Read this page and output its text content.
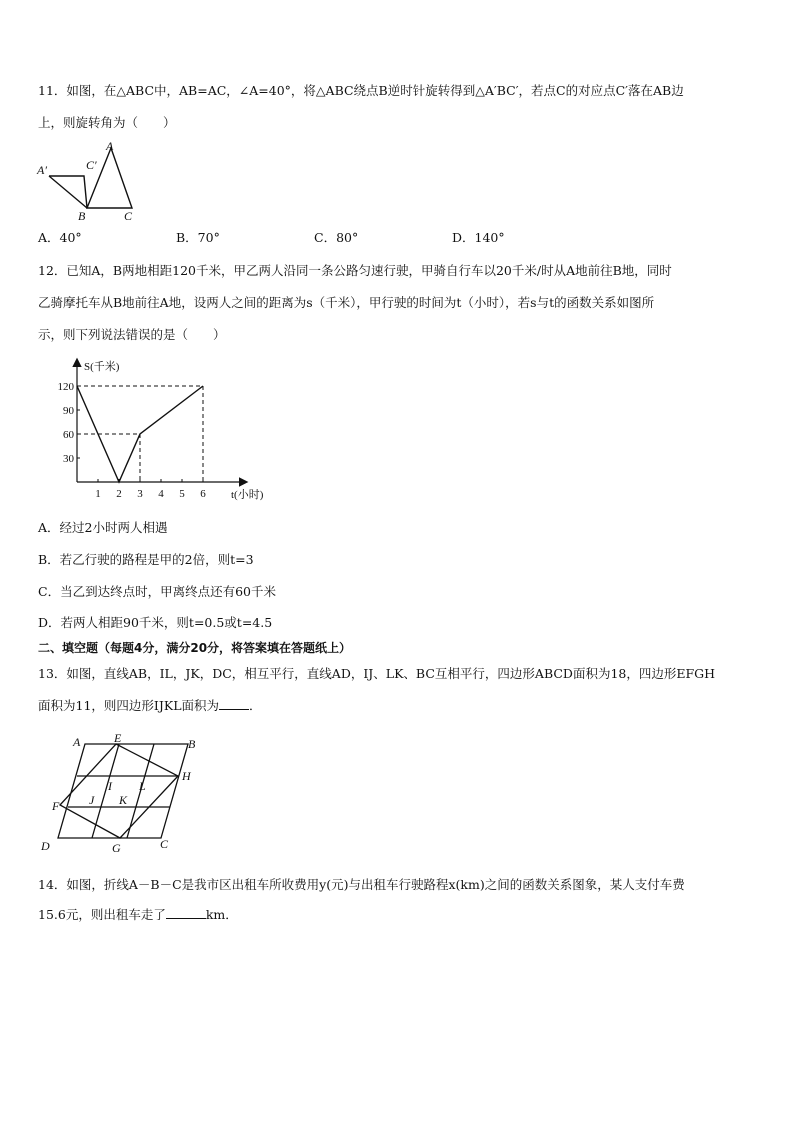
11．如图，在△ABC中，AB=AC，∠A=40°，将△ABC绕点B逆时针旋转得到△A′BC′，若点C的对应点C′落在AB边
上，则旋转角为（　　）
A′	C′
A
B	C
A．40°	B．70°	C．80°	D．140°
12．已知A，B两地相距120千米，甲乙两人沿同一条公路匀速行驶，甲骑自行车以20千米/时从A地前往B地，同时
乙骑摩托车从B地前往A地，设两人之间的距离为s（千米），甲行驶的时间为t（小时），若s与t的函数关系如图所
示，则下列说法错误的是（　　）
S(千米)
t(小时)
30
60
90
120
1 2 3 4 5 6
A．经过2小时两人相遇
B．若乙行驶的路程是甲的2倍，则t=3
C．当乙到达终点时，甲离终点还有60千米
D．若两人相距90千米，则t=0.5或t=4.5
二、填空题（每题4分，满分20分，将答案填在答题纸上）
13．如图，直线AB，IL，JK，DC，相互平行，直线AD，IJ、LK、BC互相平行，四边形ABCD面积为18，四边形EFGH
面积为11，则四边形IJKL面积为 ．
A	E	B
H
I L
F J K
D	G	C
14．如图，折线A－B－C是我市区出租车所收费用y(元)与出租车行驶路程x(km)之间的函数关系图象，某人支付车费
15.6元，则出租车走了	km．
